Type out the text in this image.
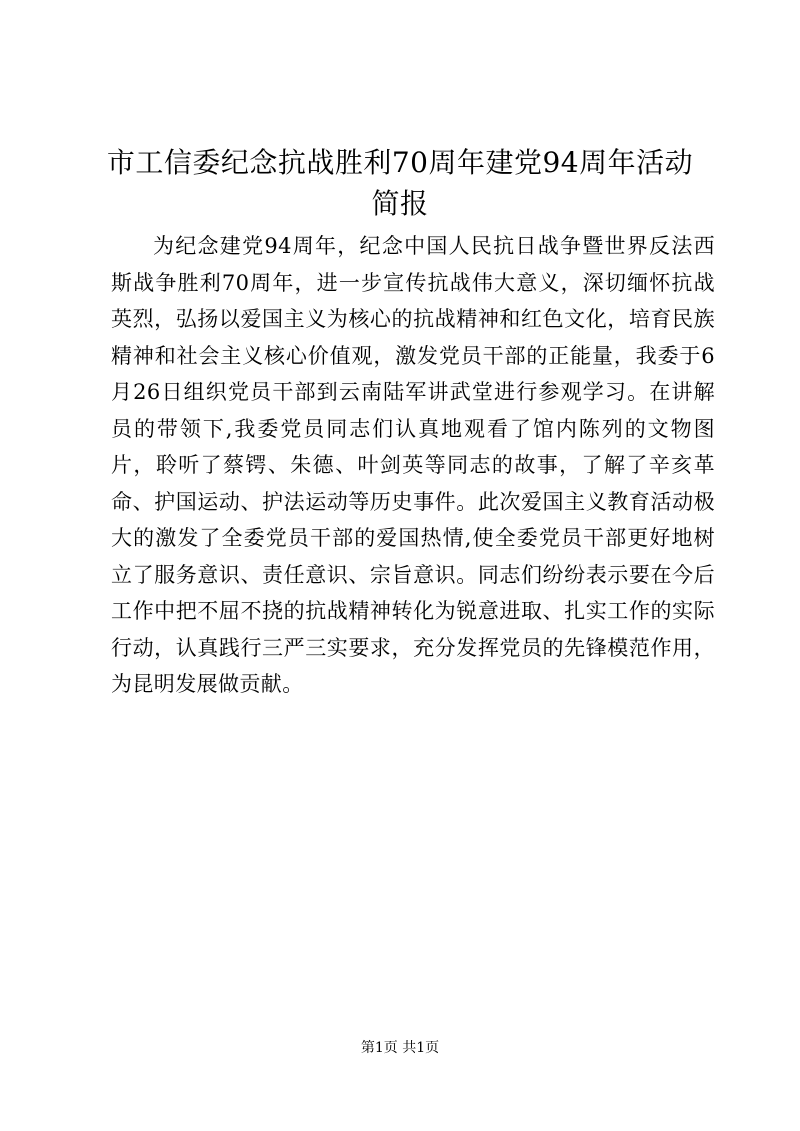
市工信委纪念抗战胜利70周年建党94周年活动简报

为纪念建党94周年，纪念中国人民抗日战争暨世界反法西斯战争胜利70周年，进一步宣传抗战伟大意义，深切缅怀抗战英烈，弘扬以爱国主义为核心的抗战精神和红色文化，培育民族精神和社会主义核心价值观，激发党员干部的正能量，我委于6月26日组织党员干部到云南陆军讲武堂进行参观学习。在讲解员的带领下,我委党员同志们认真地观看了馆内陈列的文物图片，聆听了蔡锷、朱德、叶剑英等同志的故事，了解了辛亥革命、护国运动、护法运动等历史事件。此次爱国主义教育活动极大的激发了全委党员干部的爱国热情,使全委党员干部更好地树立了服务意识、责任意识、宗旨意识。同志们纷纷表示要在今后工作中把不屈不挠的抗战精神转化为锐意进取、扎实工作的实际行动，认真践行三严三实要求，充分发挥党员的先锋模范作用，为昆明发展做贡献。

第1页 共1页
